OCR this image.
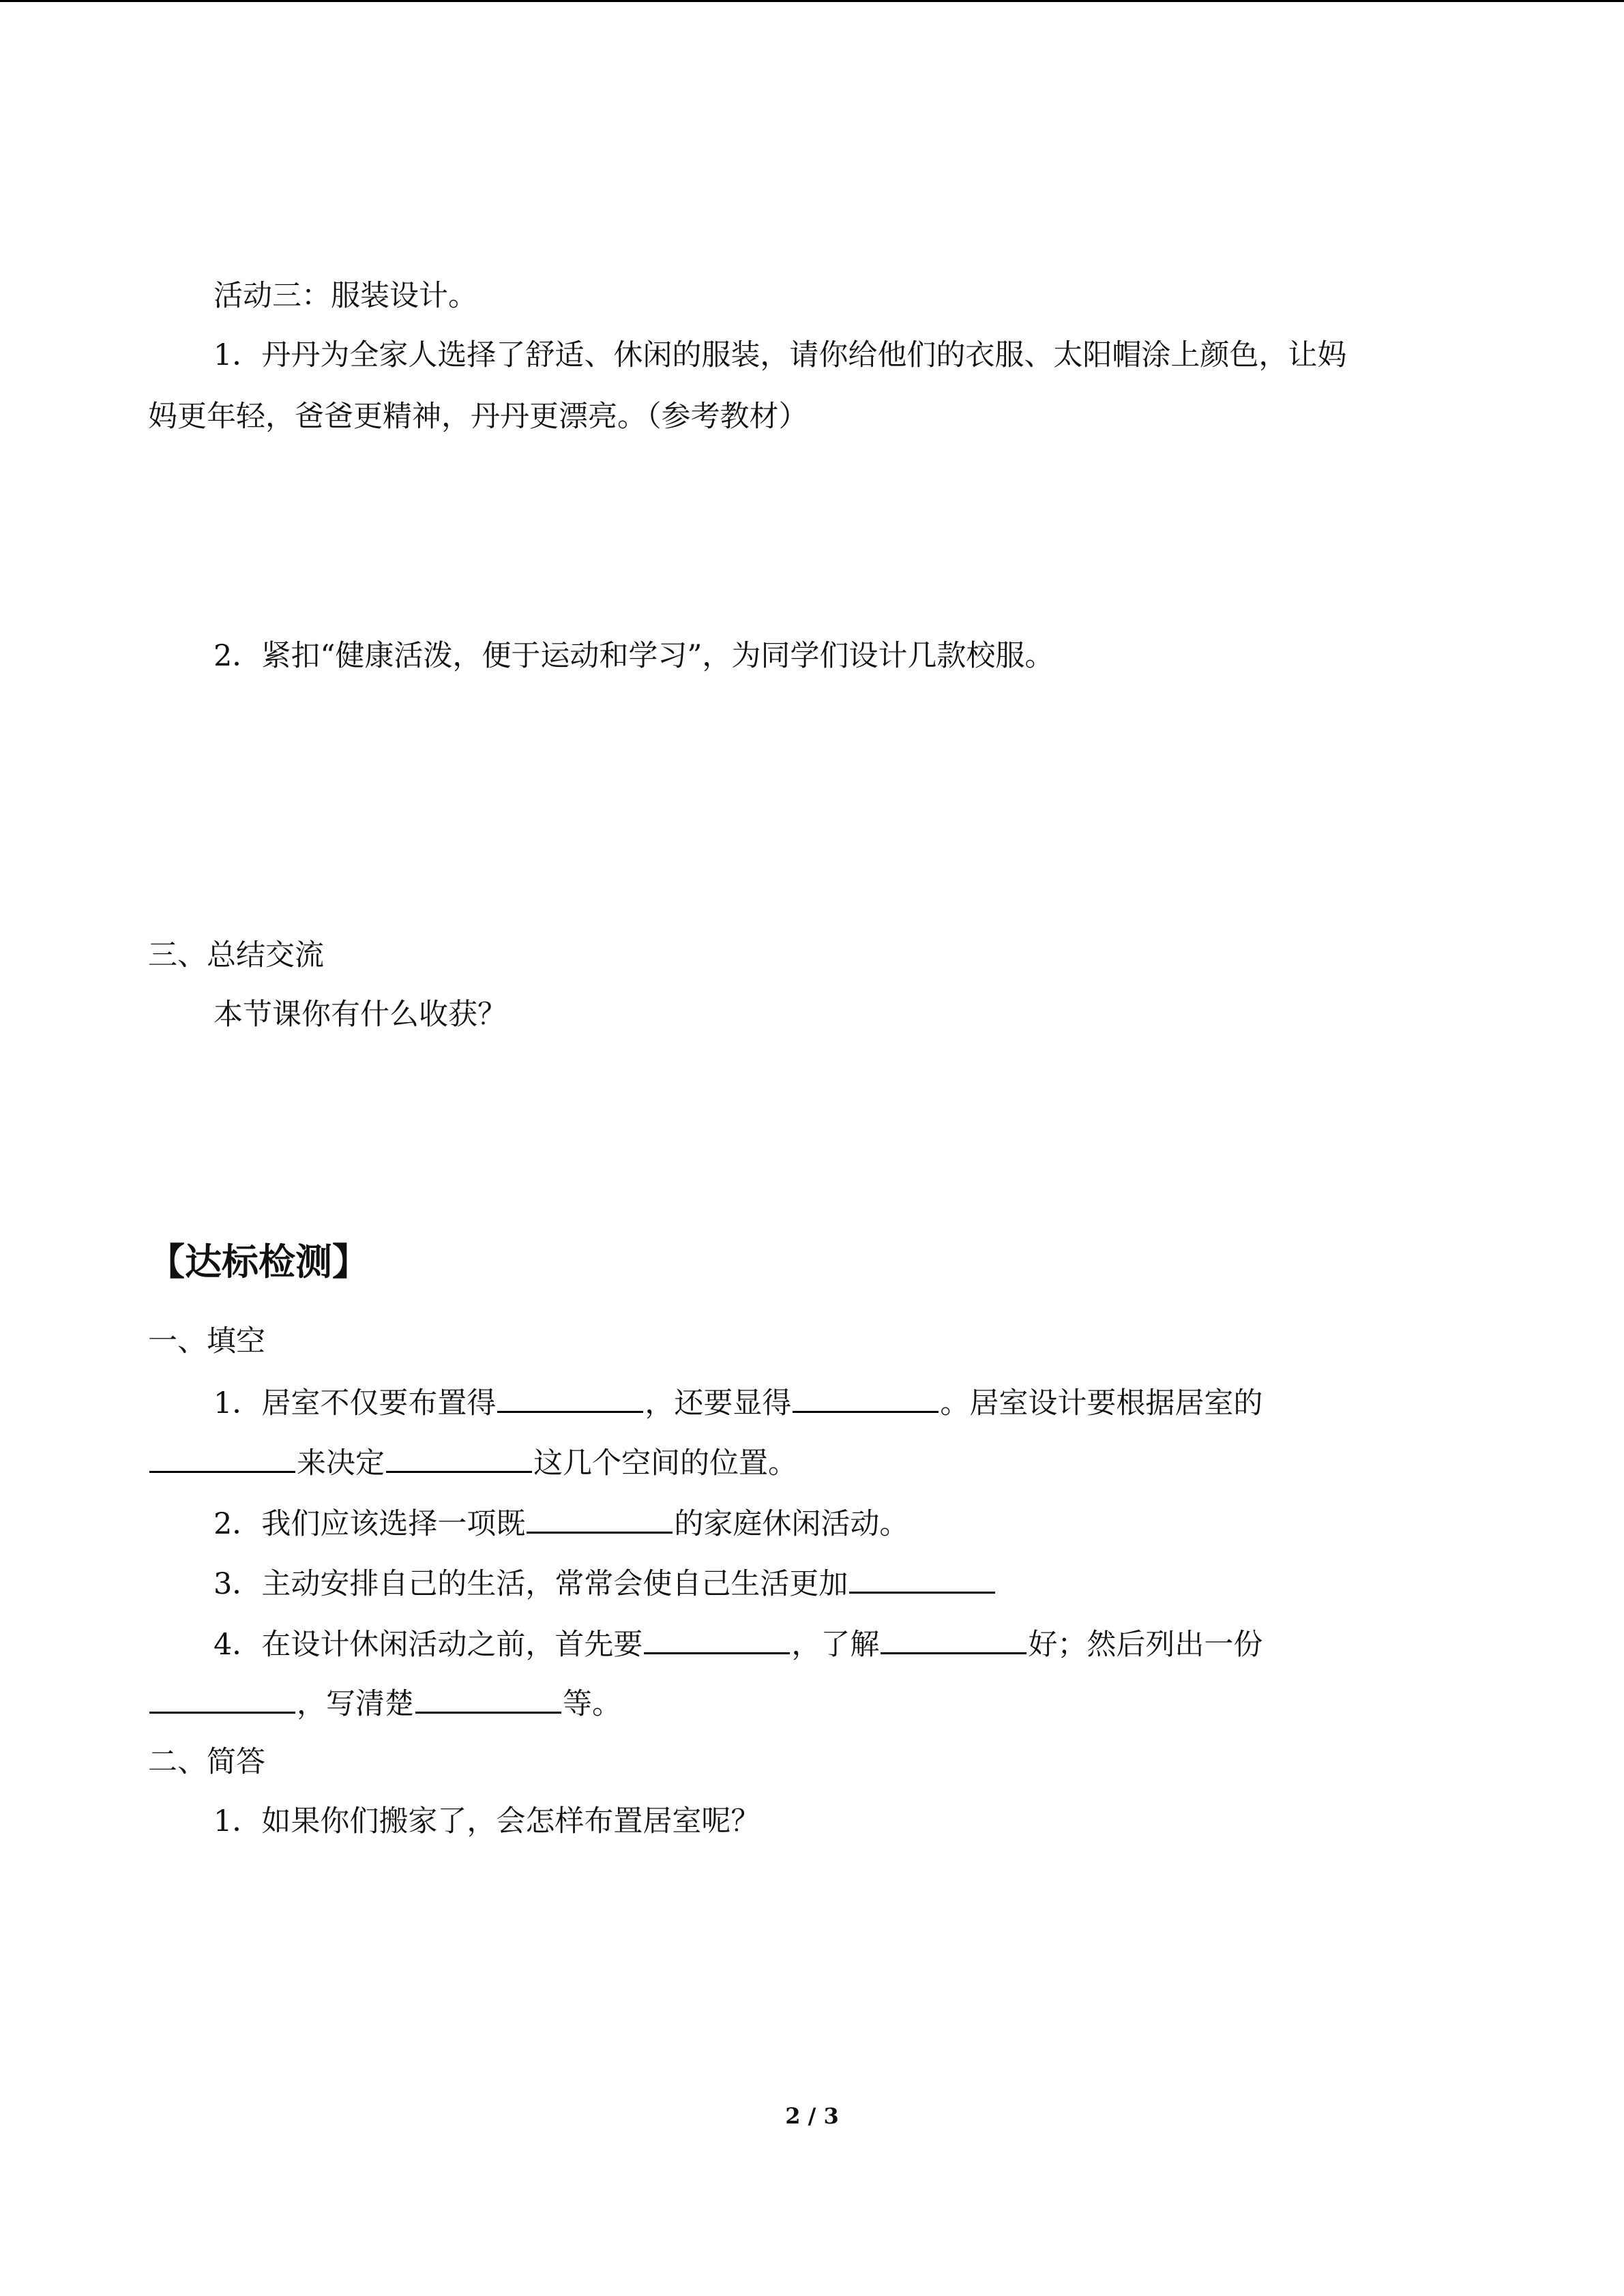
活动三：服装设计。
1．丹丹为全家人选择了舒适、休闲的服装，请你给他们的衣服、太阳帽涂上颜色，让妈
妈更年轻，爸爸更精神，丹丹更漂亮。（参考教材）
2．紧扣“健康活泼，便于运动和学习”，为同学们设计几款校服。
三、总结交流
本节课你有什么收获？
【达标检测】
一、填空
1．居室不仅要布置得	，还要显得	。居室设计要根据居室的
来决定	这几个空间的位置。
2．我们应该选择一项既	的家庭休闲活动。
3．主动安排自己的生活，常常会使自己生活更加
4．在设计休闲活动之前，首先要	，了解	好；然后列出一份
，写清楚	等。
二、简答
1．如果你们搬家了，会怎样布置居室呢？
2 / 3
